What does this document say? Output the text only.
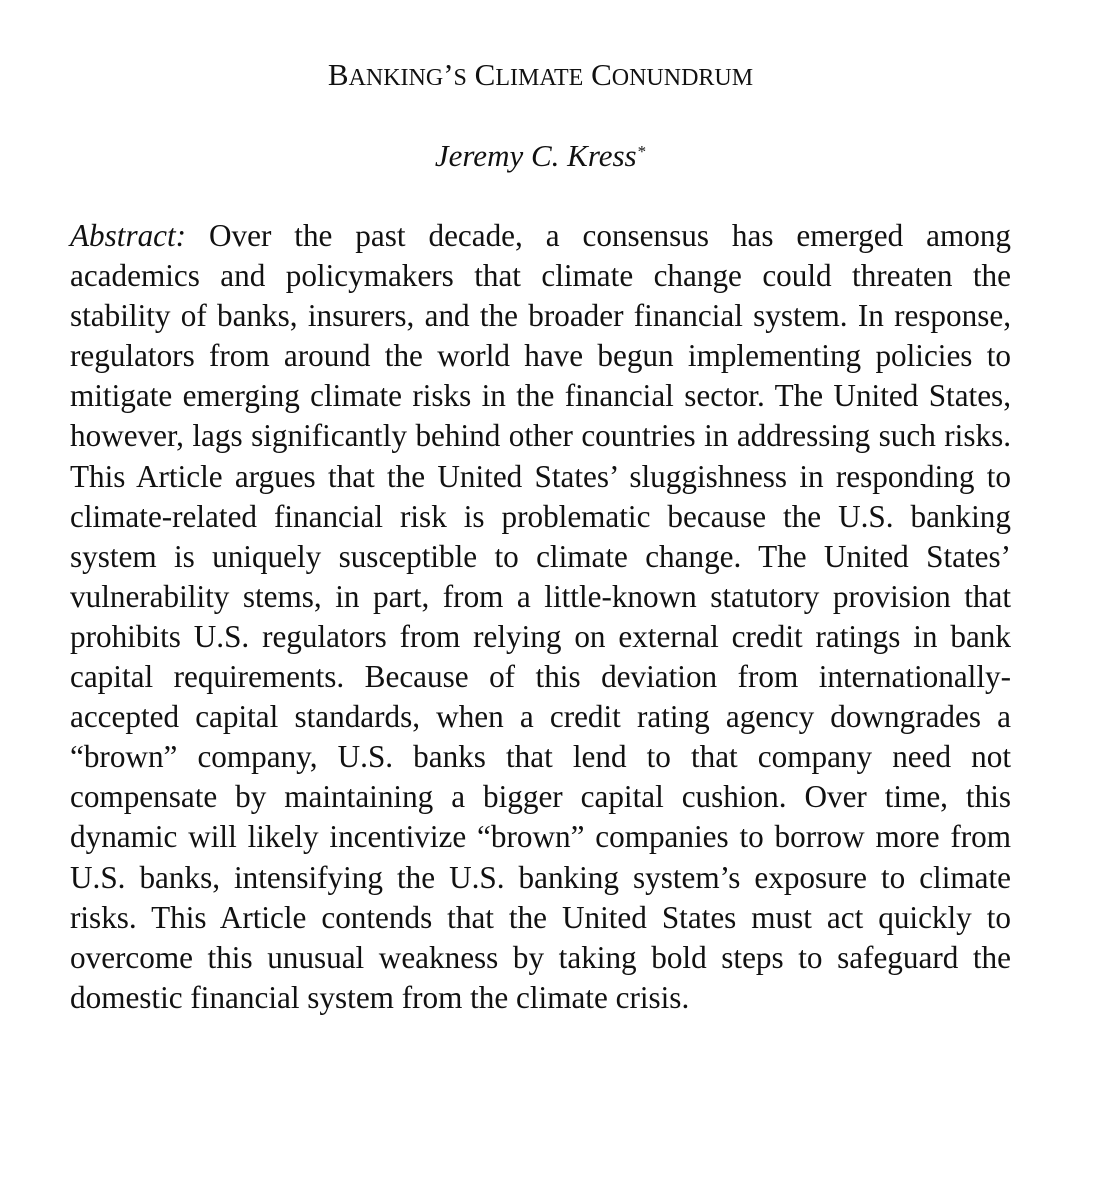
BANKING’S CLIMATE CONUNDRUM

Jeremy C. Kress*

Abstract: Over the past decade, a consensus has emerged among academics and policymakers that climate change could threaten the stability of banks, insurers, and the broader financial system. In response, regulators from around the world have begun implementing policies to mitigate emerging climate risks in the financial sector. The United States, however, lags significantly behind other countries in addressing such risks. This Article argues that the United States’ sluggishness in responding to climate-related financial risk is problematic because the U.S. banking system is uniquely susceptible to climate change. The United States’ vulnerability stems, in part, from a little-known statutory provision that prohibits U.S. regulators from relying on external credit ratings in bank capital requirements. Because of this deviation from internationally-accepted capital standards, when a credit rating agency downgrades a “brown” company, U.S. banks that lend to that company need not compensate by maintaining a bigger capital cushion. Over time, this dynamic will likely incentivize “brown” companies to borrow more from U.S. banks, intensifying the U.S. banking system’s exposure to climate risks. This Article contends that the United States must act quickly to overcome this unusual weakness by taking bold steps to safeguard the domestic financial system from the climate crisis.
